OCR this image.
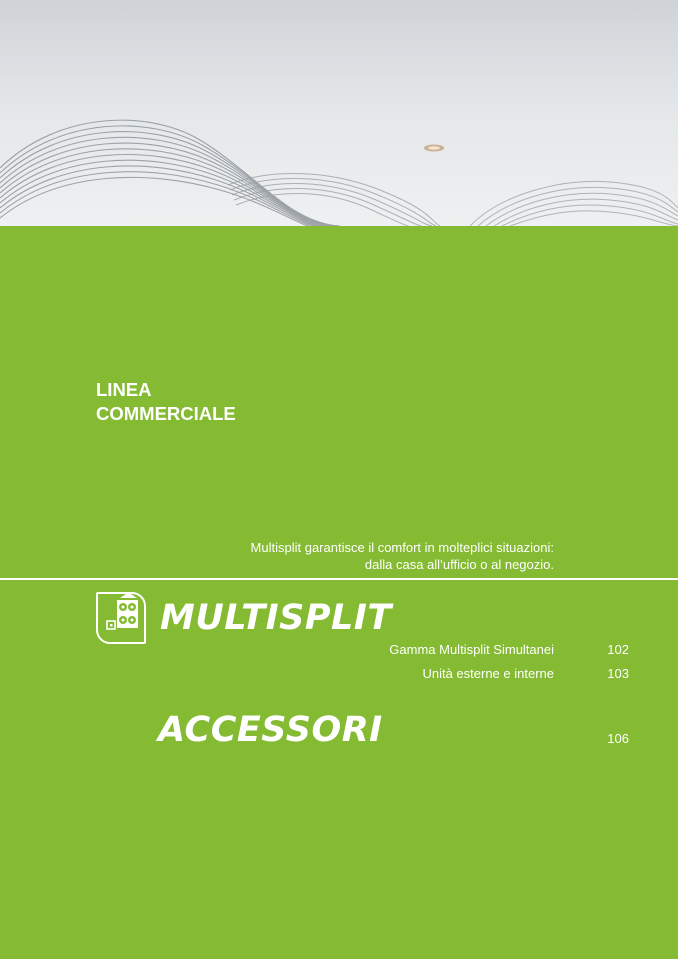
LINEA
COMMERCIALE
Multisplit garantisce il comfort in molteplici situazioni:
dalla casa all’ufficio o al negozio.
MULTISPLIT
Gamma Multisplit Simultanei	102
Unità esterne e interne	103
ACCESSORI	106
